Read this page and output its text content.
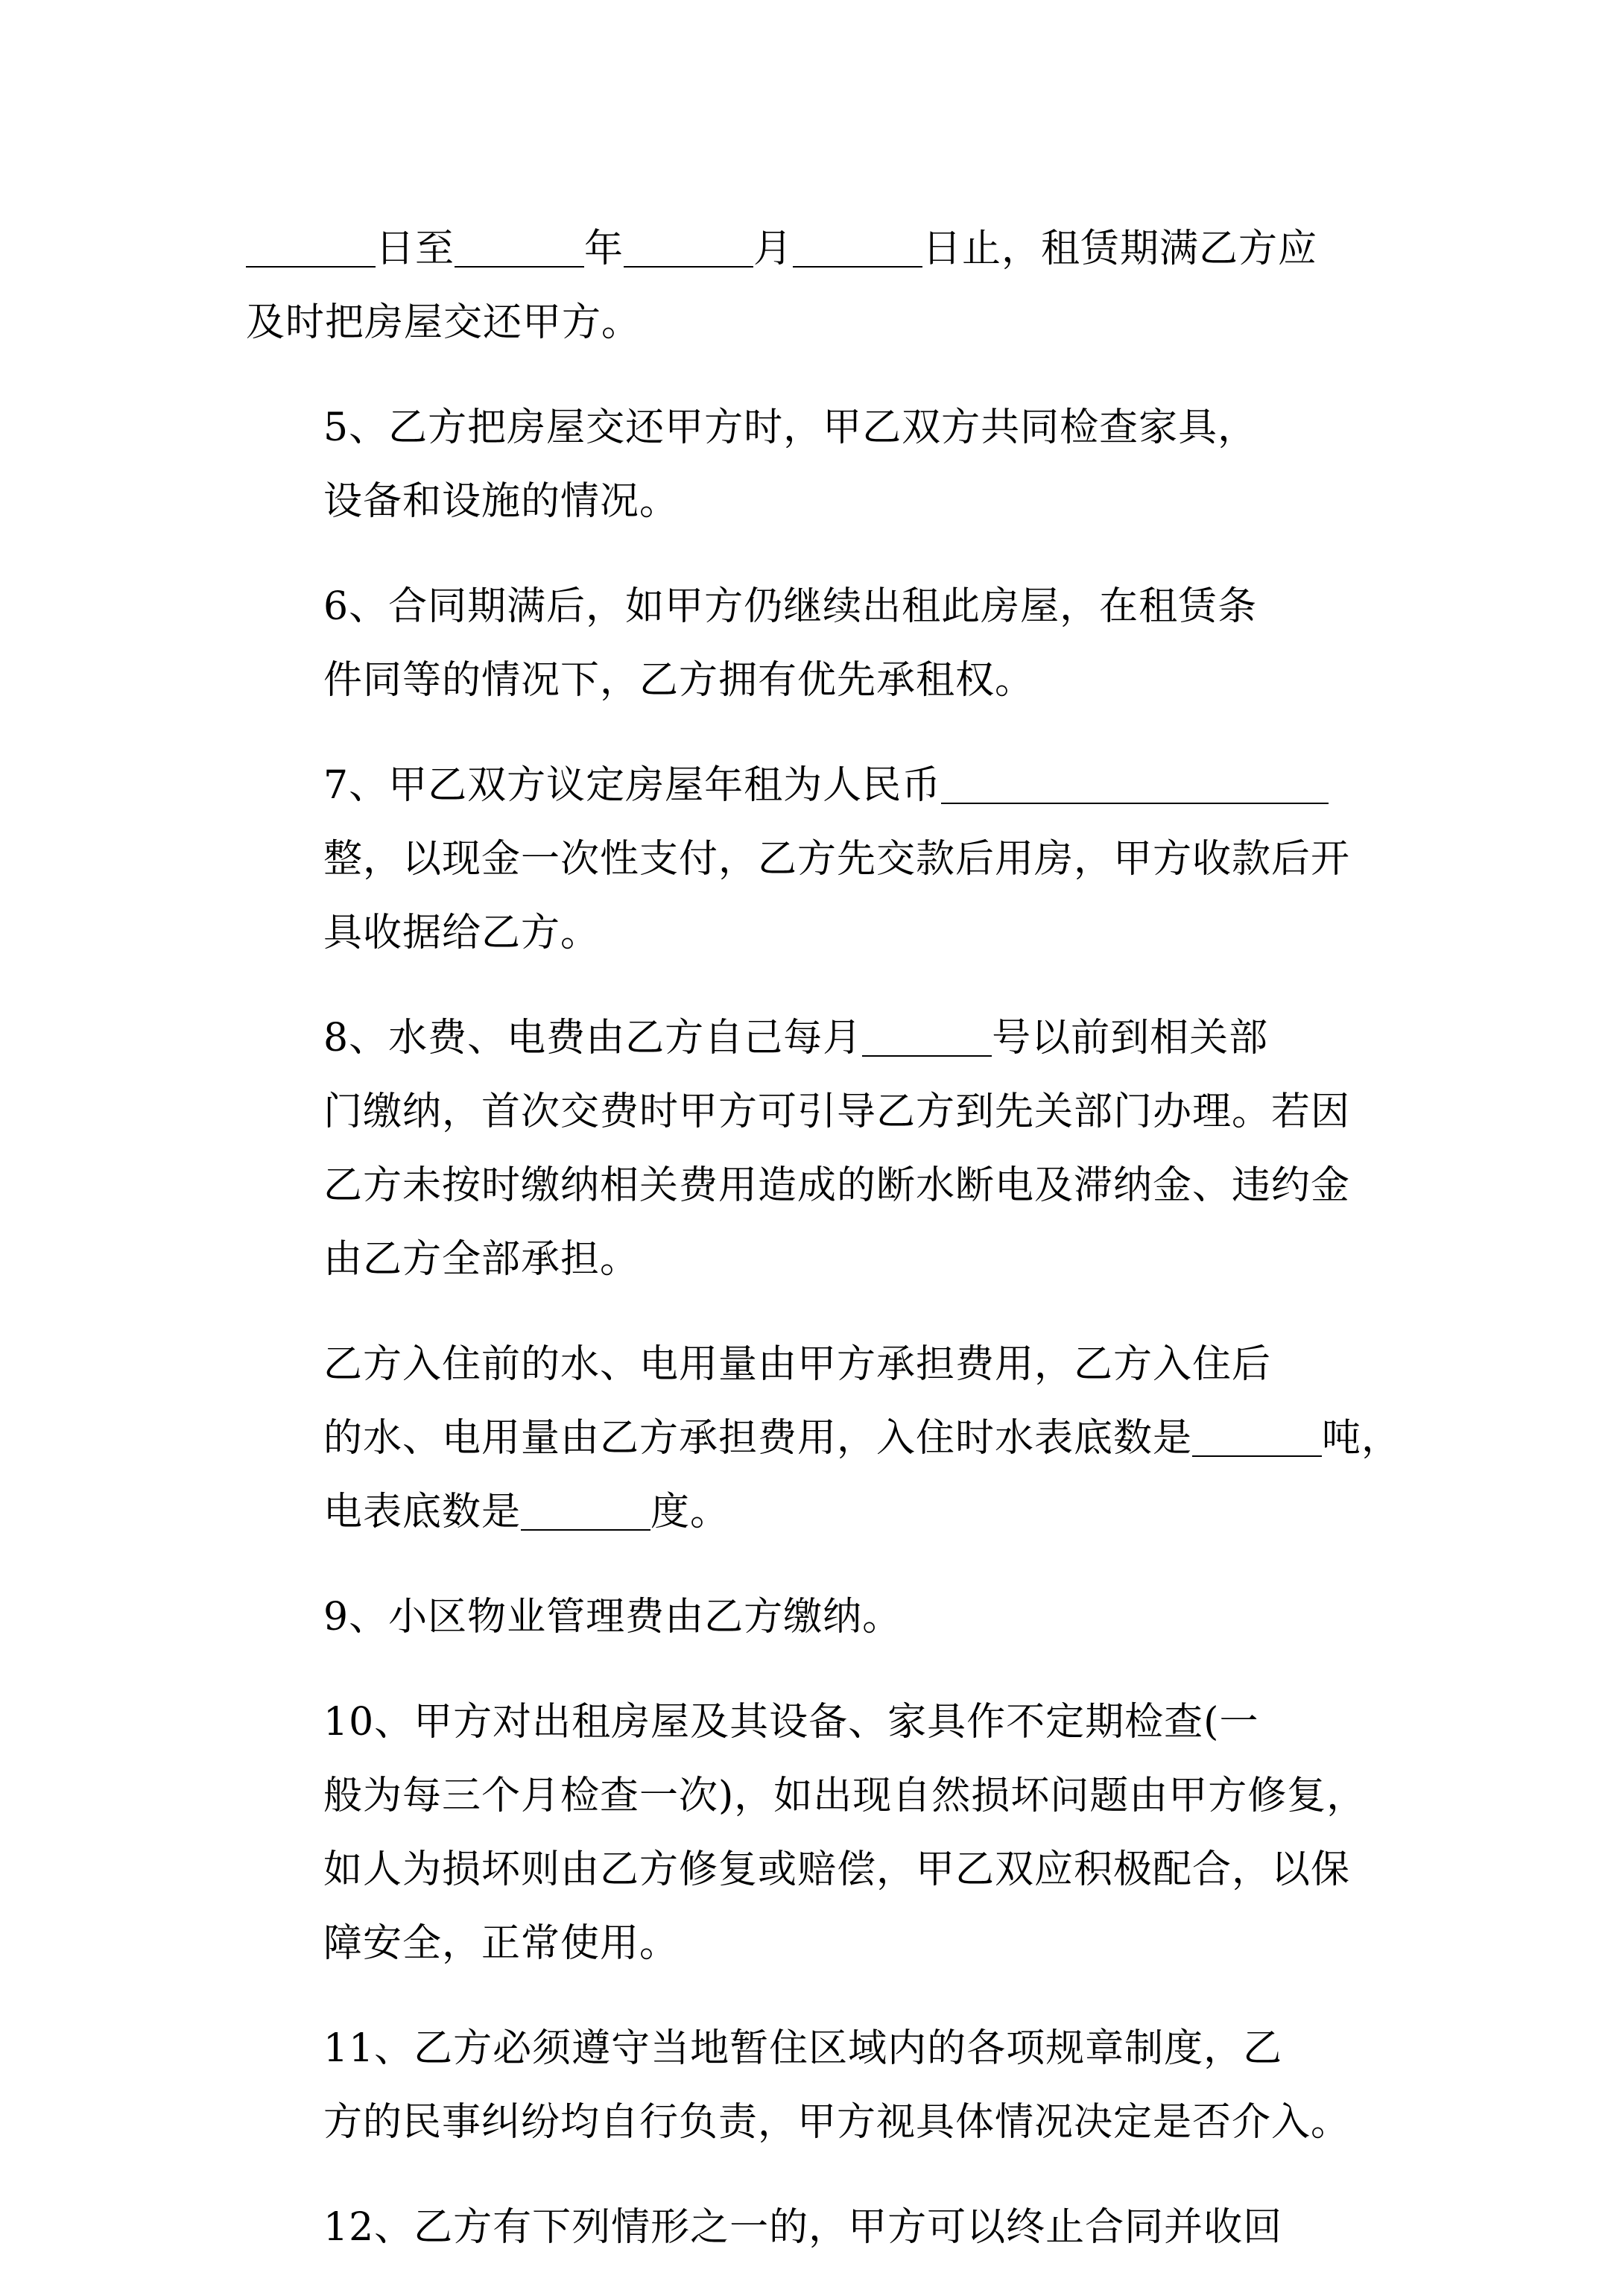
日至	年	月	日止，租赁期满乙方应
及时把房屋交还甲方。
5、乙方把房屋交还甲方时，甲乙双方共同检查家具，
设备和设施的情况。
6、合同期满后，如甲方仍继续出租此房屋，在租赁条
件同等的情况下，乙方拥有优先承租权。
7、甲乙双方议定房屋年租为人民币
整，以现金一次性支付，乙方先交款后用房，甲方收款后开
具收据给乙方。
8、水费、电费由乙方自己每月	号以前到相关部
门缴纳，首次交费时甲方可引导乙方到先关部门办理。若因
乙方未按时缴纳相关费用造成的断水断电及滞纳金、违约金
由乙方全部承担。
乙方入住前的水、电用量由甲方承担费用，乙方入住后
的水、电用量由乙方承担费用，入住时水表底数是	吨，
电表底数是	度。
9、小区物业管理费由乙方缴纳。
10、甲方对出租房屋及其设备、家具作不定期检查(一
般为每三个月检查一次)，如出现自然损坏问题由甲方修复，
如人为损坏则由乙方修复或赔偿，甲乙双应积极配合，以保
障安全，正常使用。
11、乙方必须遵守当地暂住区域内的各项规章制度，乙
方的民事纠纷均自行负责，甲方视具体情况决定是否介入。
12、乙方有下列情形之一的，甲方可以终止合同并收回
